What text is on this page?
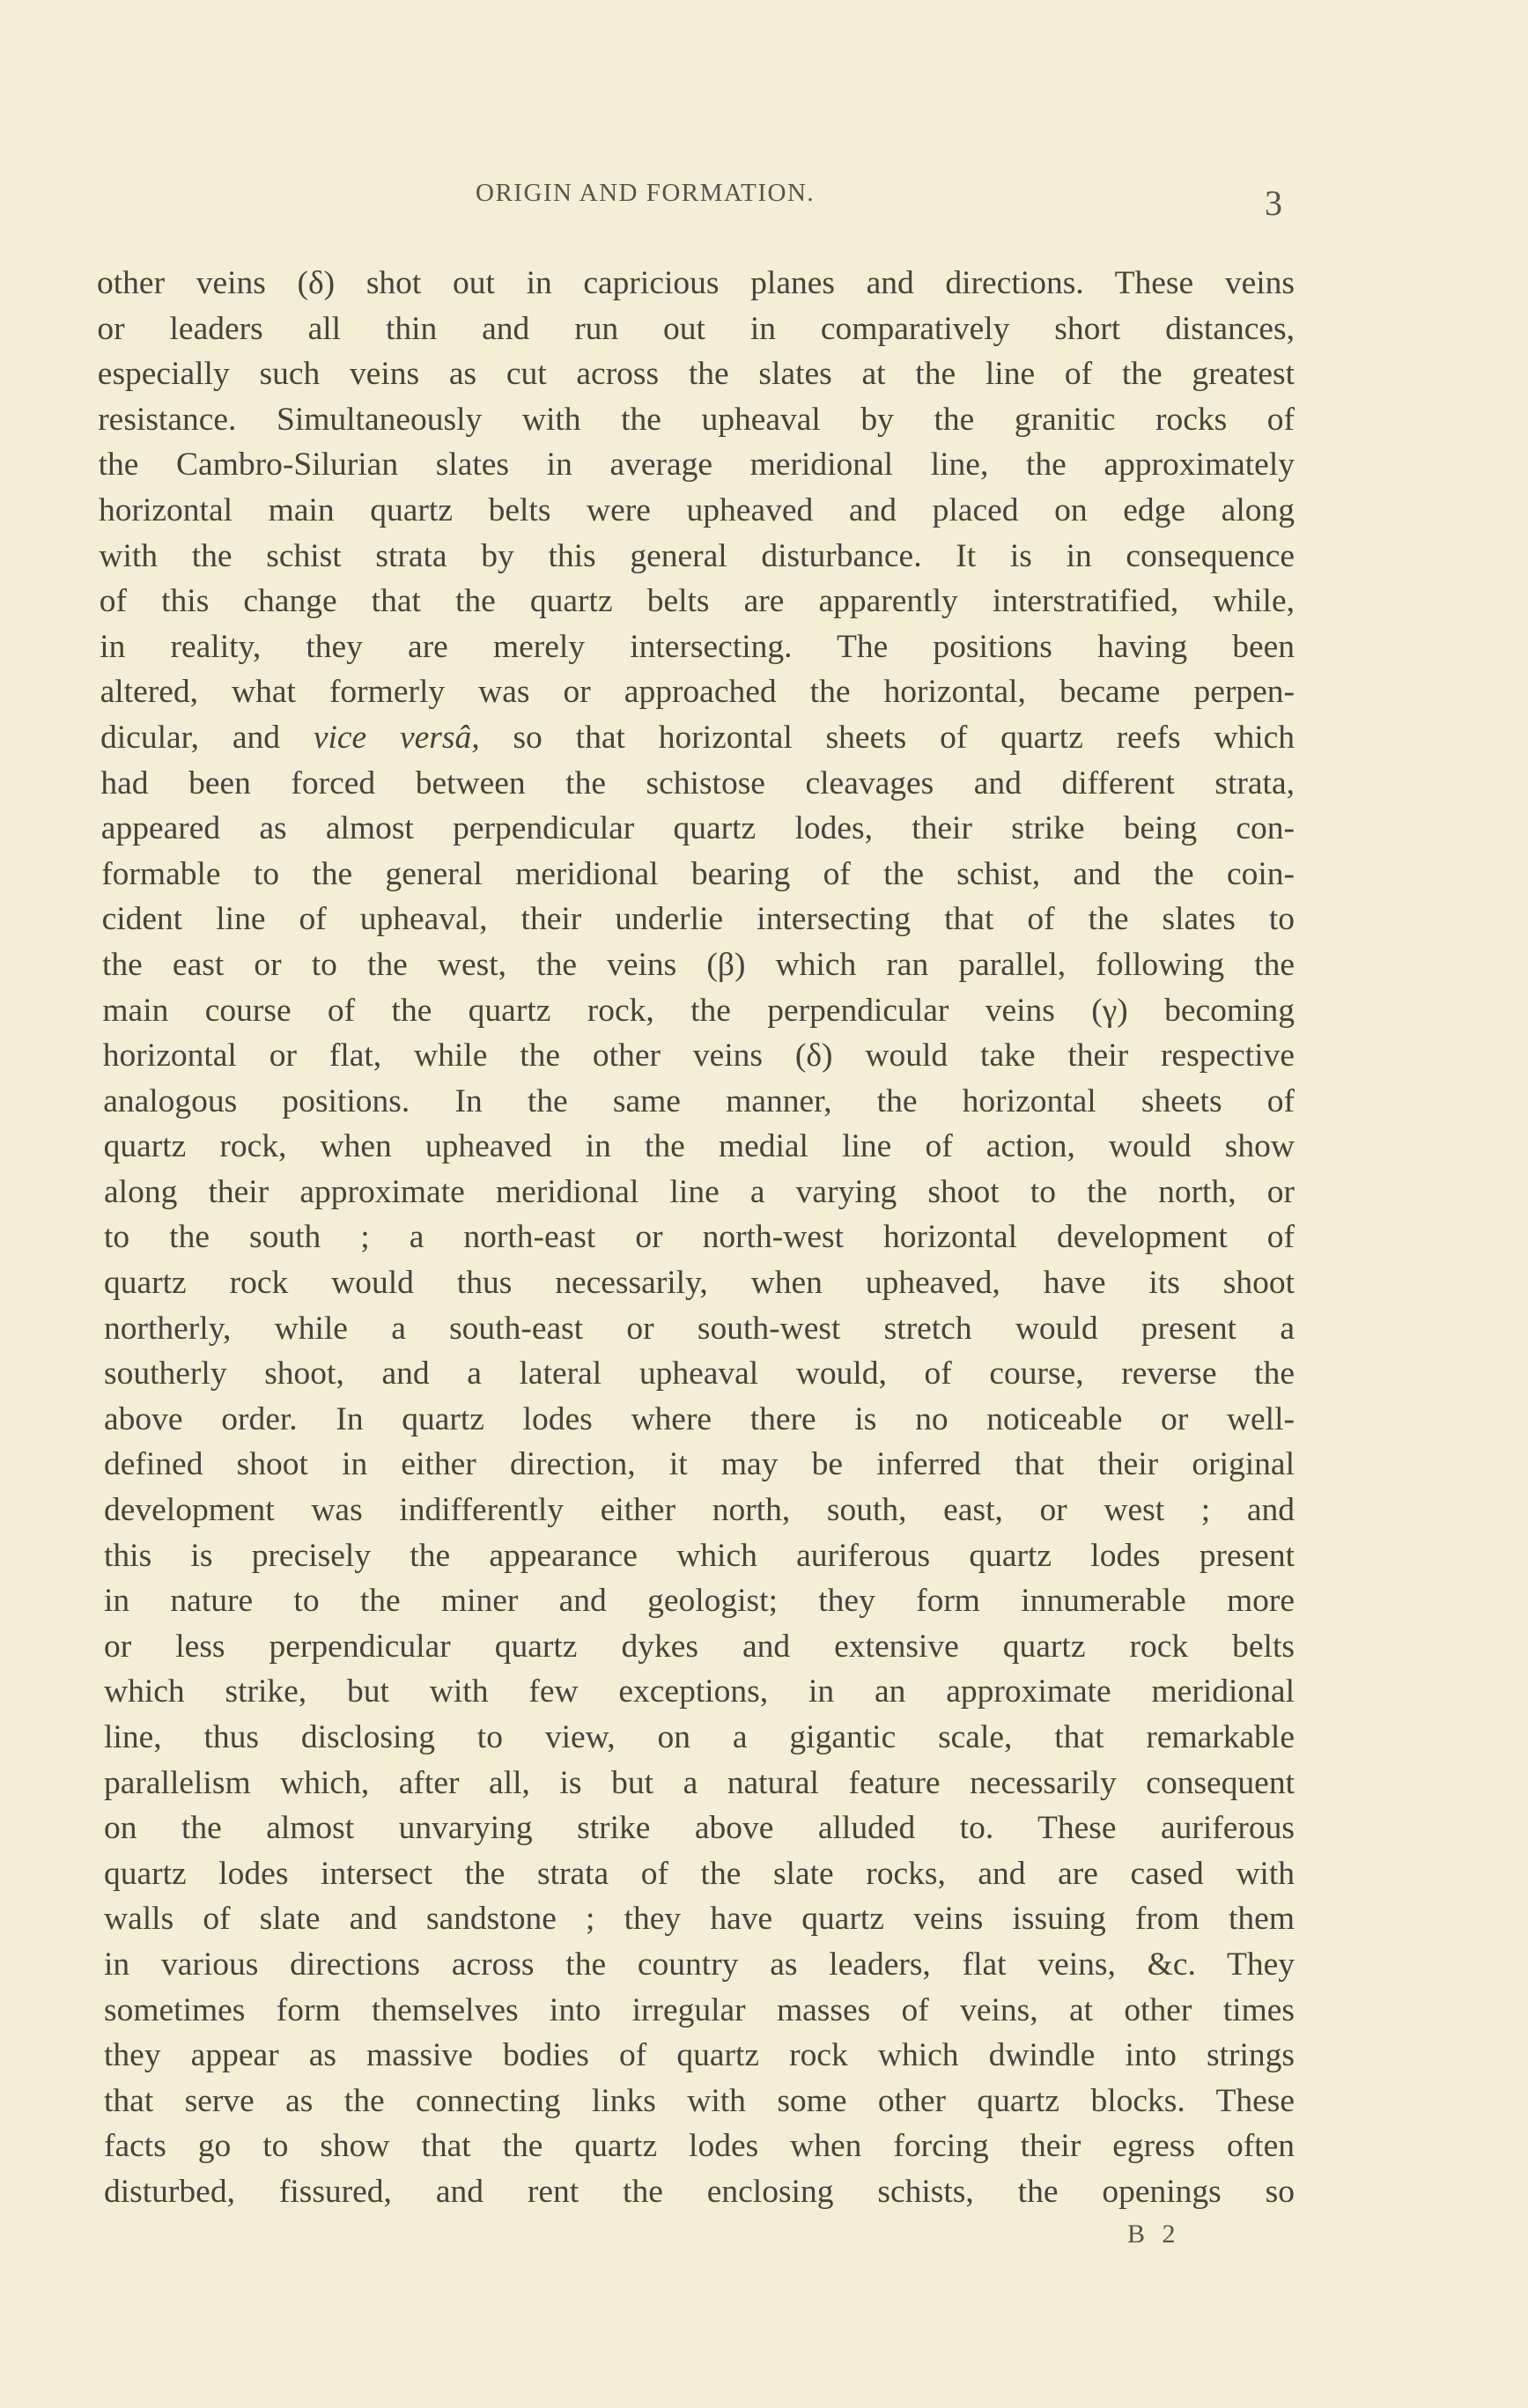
ORIGIN AND FORMATION.	3
other veins (δ) shot out in capricious planes and directions. These veins
or leaders all thin and run out in comparatively short distances,
especially such veins as cut across the slates at the line of the greatest
resistance. Simultaneously with the upheaval by the granitic rocks of
the Cambro-Silurian slates in average meridional line, the approximately
horizontal main quartz belts were upheaved and placed on edge along
with the schist strata by this general disturbance. It is in consequence
of this change that the quartz belts are apparently interstratified, while,
in reality, they are merely intersecting. The positions having been
altered, what formerly was or approached the horizontal, became perpen-
dicular, and vice versâ, so that horizontal sheets of quartz reefs which
had been forced between the schistose cleavages and different strata,
appeared as almost perpendicular quartz lodes, their strike being con-
formable to the general meridional bearing of the schist, and the coin-
cident line of upheaval, their underlie intersecting that of the slates to
the east or to the west, the veins (β) which ran parallel, following the
main course of the quartz rock, the perpendicular veins (γ) becoming
horizontal or flat, while the other veins (δ) would take their respective
analogous positions. In the same manner, the horizontal sheets of
quartz rock, when upheaved in the medial line of action, would show
along their approximate meridional line a varying shoot to the north, or
to the south ; a north-east or north-west horizontal development of
quartz rock would thus necessarily, when upheaved, have its shoot
northerly, while a south-east or south-west stretch would present a
southerly shoot, and a lateral upheaval would, of course, reverse the
above order. In quartz lodes where there is no noticeable or well-
defined shoot in either direction, it may be inferred that their original
development was indifferently either north, south, east, or west ; and
this is precisely the appearance which auriferous quartz lodes present
in nature to the miner and geologist; they form innumerable more
or less perpendicular quartz dykes and extensive quartz rock belts
which strike, but with few exceptions, in an approximate meridional
line, thus disclosing to view, on a gigantic scale, that remarkable
parallelism which, after all, is but a natural feature necessarily consequent
on the almost unvarying strike above alluded to. These auriferous
quartz lodes intersect the strata of the slate rocks, and are cased with
walls of slate and sandstone ; they have quartz veins issuing from them
in various directions across the country as leaders, flat veins, &c. They
sometimes form themselves into irregular masses of veins, at other times
they appear as massive bodies of quartz rock which dwindle into strings
that serve as the connecting links with some other quartz blocks. These
facts go to show that the quartz lodes when forcing their egress often
disturbed, fissured, and rent the enclosing schists, the openings so
B 2
